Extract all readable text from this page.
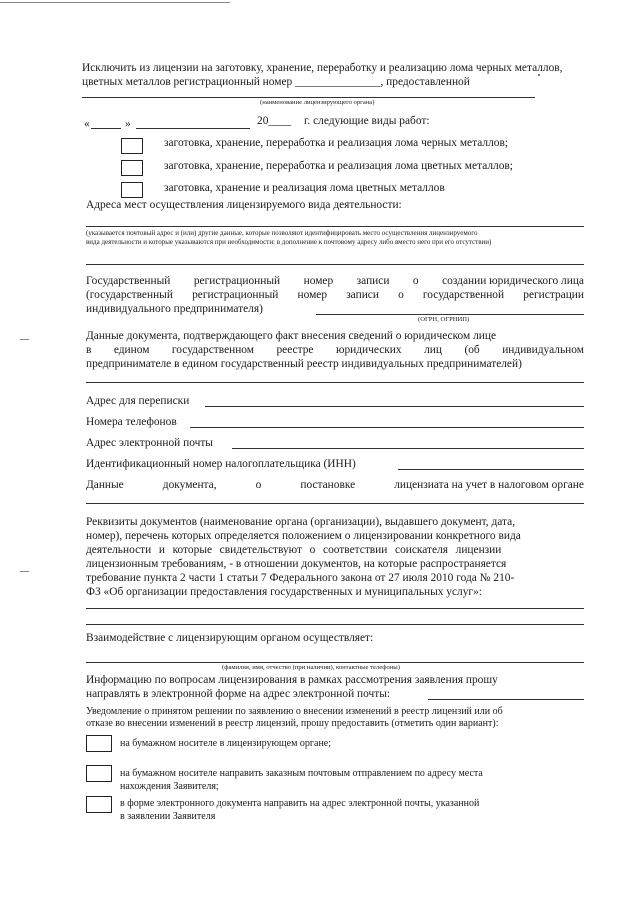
Исключить из лицензии на заготовку, хранение, переработку и реализацию лома черных металлов,
цветных металлов регистрационный номер _______________, предоставленной
(наименование лицензирующего органа)
«	»	20____ г. следующие виды работ:
заготовка, хранение, переработка и реализация лома черных металлов;
заготовка, хранение, переработка и реализация лома цветных металлов;
заготовка, хранение и реализация лома цветных металлов
Адреса мест осуществления лицензируемого вида деятельности:
(указывается почтовый адрес и (или) другие данные, которые позволяют идентифицировать место осуществления лицензируемого
вида деятельности и которые указываются при необходимости: в дополнение к почтовому адресу либо вместо него при его отсутствии)
Государственный регистрационный номер записи о создании юридического лица
(государственный регистрационный номер записи о государственной регистрации
индивидуального предпринимателя)
(ОГРН, ОГРНИП)
Данные документа, подтверждающего факт внесения сведений о юридическом лице
в едином государственном реестре юридических лиц (об индивидуальном
предпринимателе в едином государственный реестр индивидуальных предпринимателей)
Адрес для переписки
Номера телефонов
Адрес электронной почты
Идентификационный номер налогоплательщика (ИНН)
Данные	документа,	о	постановке	лицензиата на учет в налоговом органе
Реквизиты документов (наименование органа (организации), выдавшего документ, дата,
номер), перечень которых определяется положением о лицензировании конкретного вида
деятельности и которые свидетельствуют о соответствии соискателя лицензии
лицензионным требованиям, - в отношении документов, на которые распространяется
требование пункта 2 части 1 статьи 7 Федерального закона от 27 июля 2010 года № 210-
ФЗ «Об организации предоставления государственных и муниципальных услуг»:
Взаимодействие с лицензирующим органом осуществляет:
(фамилия, имя, отчество (при наличии), контактные телефоны)
Информацию по вопросам лицензирования в рамках рассмотрения заявления прошу
направлять в электронной форме на адрес электронной почты:
Уведомление о принятом решении по заявлению о внесении изменений в реестр лицензий или об
отказе во внесении изменений в реестр лицензий, прошу предоставить (отметить один вариант):
на бумажном носителе в лицензирующем органе;
на бумажном носителе направить заказным почтовым отправлением по адресу места
нахождения Заявителя;
в форме электронного документа направить на адрес электронной почты, указанной
в заявлении Заявителя
